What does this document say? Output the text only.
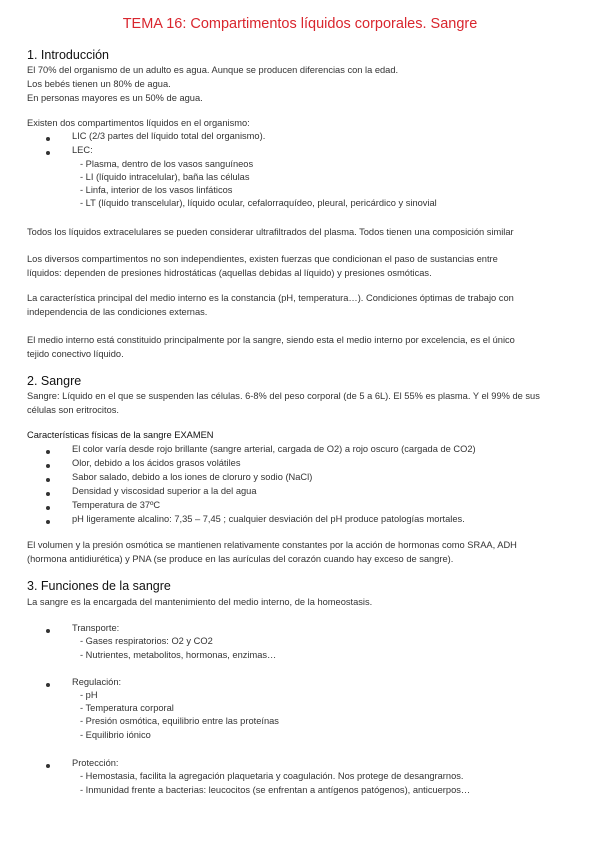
TEMA 16: Compartimentos líquidos corporales. Sangre
1. Introducción
El 70% del organismo de un adulto es agua. Aunque se producen diferencias con la edad.
Los bebés tienen un 80% de agua.
En personas mayores es un 50% de agua.
Existen dos compartimentos líquidos en el organismo:
LIC (2/3 partes del líquido total del organismo).
LEC:
- Plasma, dentro de los vasos sanguíneos
- LI (líquido intracelular), baña las células
- Linfa, interior de los vasos linfáticos
- LT (líquido transcelular), líquido ocular, cefalorraquídeo, pleural, pericárdico y sinovial
Todos los líquidos extracelulares se pueden considerar ultrafiltrados del plasma. Todos tienen una composición similar
Los diversos compartimentos no son independientes, existen fuerzas que condicionan el paso de sustancias entre
líquidos: dependen de presiones hidrostáticas (aquellas debidas al líquido) y presiones osmóticas.
La característica principal del medio interno es la constancia (pH, temperatura…). Condiciones óptimas de trabajo con
independencia de las condiciones externas.
El medio interno está constituido principalmente por la sangre, siendo esta el medio interno por excelencia, es el único
tejido conectivo líquido.
2. Sangre
Sangre: Líquido en el que se suspenden las células. 6-8% del peso corporal (de 5 a 6L). El 55% es plasma. Y el 99% de sus
células son eritrocitos.
Características físicas de la sangre EXAMEN
El color varía desde rojo brillante (sangre arterial, cargada de O2) a rojo oscuro (cargada de CO2)
Olor, debido a los ácidos grasos volátiles
Sabor salado, debido a los iones de cloruro y sodio (NaCl)
Densidad y viscosidad superior a la del agua
Temperatura de 37ºC
pH ligeramente alcalino: 7,35 – 7,45 ; cualquier desviación del pH produce patologías mortales.
El volumen y la presión osmótica se mantienen relativamente constantes por la acción de hormonas como SRAA, ADH
(hormona antidiurética) y PNA (se produce en las aurículas del corazón cuando hay exceso de sangre).
3. Funciones de la sangre
La sangre es la encargada del mantenimiento del medio interno, de la homeostasis.
Transporte:
- Gases respiratorios: O2 y CO2
- Nutrientes, metabolitos, hormonas, enzimas…
Regulación:
- pH
- Temperatura corporal
- Presión osmótica, equilibrio entre las proteínas
- Equilibrio iónico
Protección:
- Hemostasia, facilita la agregación plaquetaria y coagulación. Nos protege de desangrarnos.
- Inmunidad frente a bacterias: leucocitos (se enfrentan a antígenos patógenos), anticuerpos…
